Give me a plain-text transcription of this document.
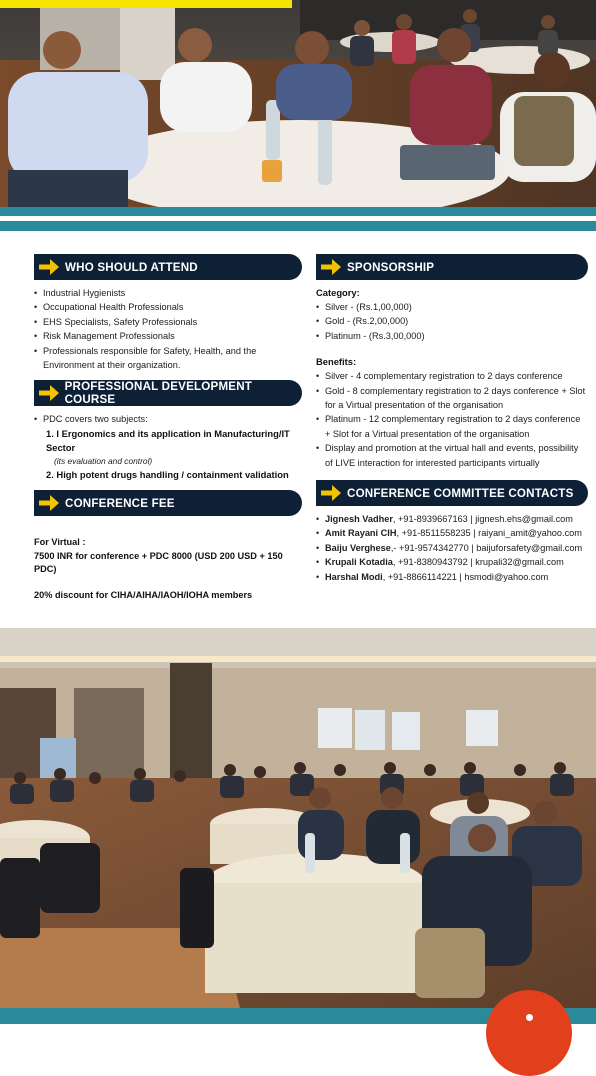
WHO SHOULD ATTEND
• Industrial Hygienists
• Occupational Health Professionals
• EHS Specialists, Safety Professionals
• Risk Management Professionals
• Professionals responsible for Safety, Health, and the Environment at their organization.
PROFESSIONAL DEVELOPMENT COURSE
• PDC covers two subjects:
1. I Ergonomics and its application in Manufacturing/IT Sector
(its evaluation and control)
2. High potent drugs handling / containment validation
CONFERENCE FEE
For Virtual :
7500 INR for conference + PDC 8000 (USD 200 USD + 150 PDC)
20% discount for CIHA/AIHA/IAOH/IOHA members
SPONSORSHIP
Category:
• Silver - (Rs.1,00,000)
• Gold - (Rs.2,00,000)
• Platinum - (Rs.3,00,000)
Benefits:
• Silver - 4 complementary registration to 2 days conference
• Gold - 8 complementary registration to 2 days conference + Slot for a Virtual presentation of the organisation
• Platinum - 12 complementary registration to 2 days conference + Slot for a Virtual presentation of the organisation
• Display and promotion at the virtual hall and events, possibility of LIVE interaction for interested participants virtually
CONFERENCE COMMITTEE CONTACTS
• Jignesh Vadher, +91-8939667163 | jignesh.ehs@gmail.com
• Amit Rayani CIH, +91-8511558235 | raiyani_amit@yahoo.com
• Baiju Verghese,- +91-9574342770 | baijuforsafety@gmail.com
• Krupali Kotadia, +91-8380943792 | krupali32@gmail.com
• Harshal Modi, +91-8866114221 | hsmodi@yahoo.com
